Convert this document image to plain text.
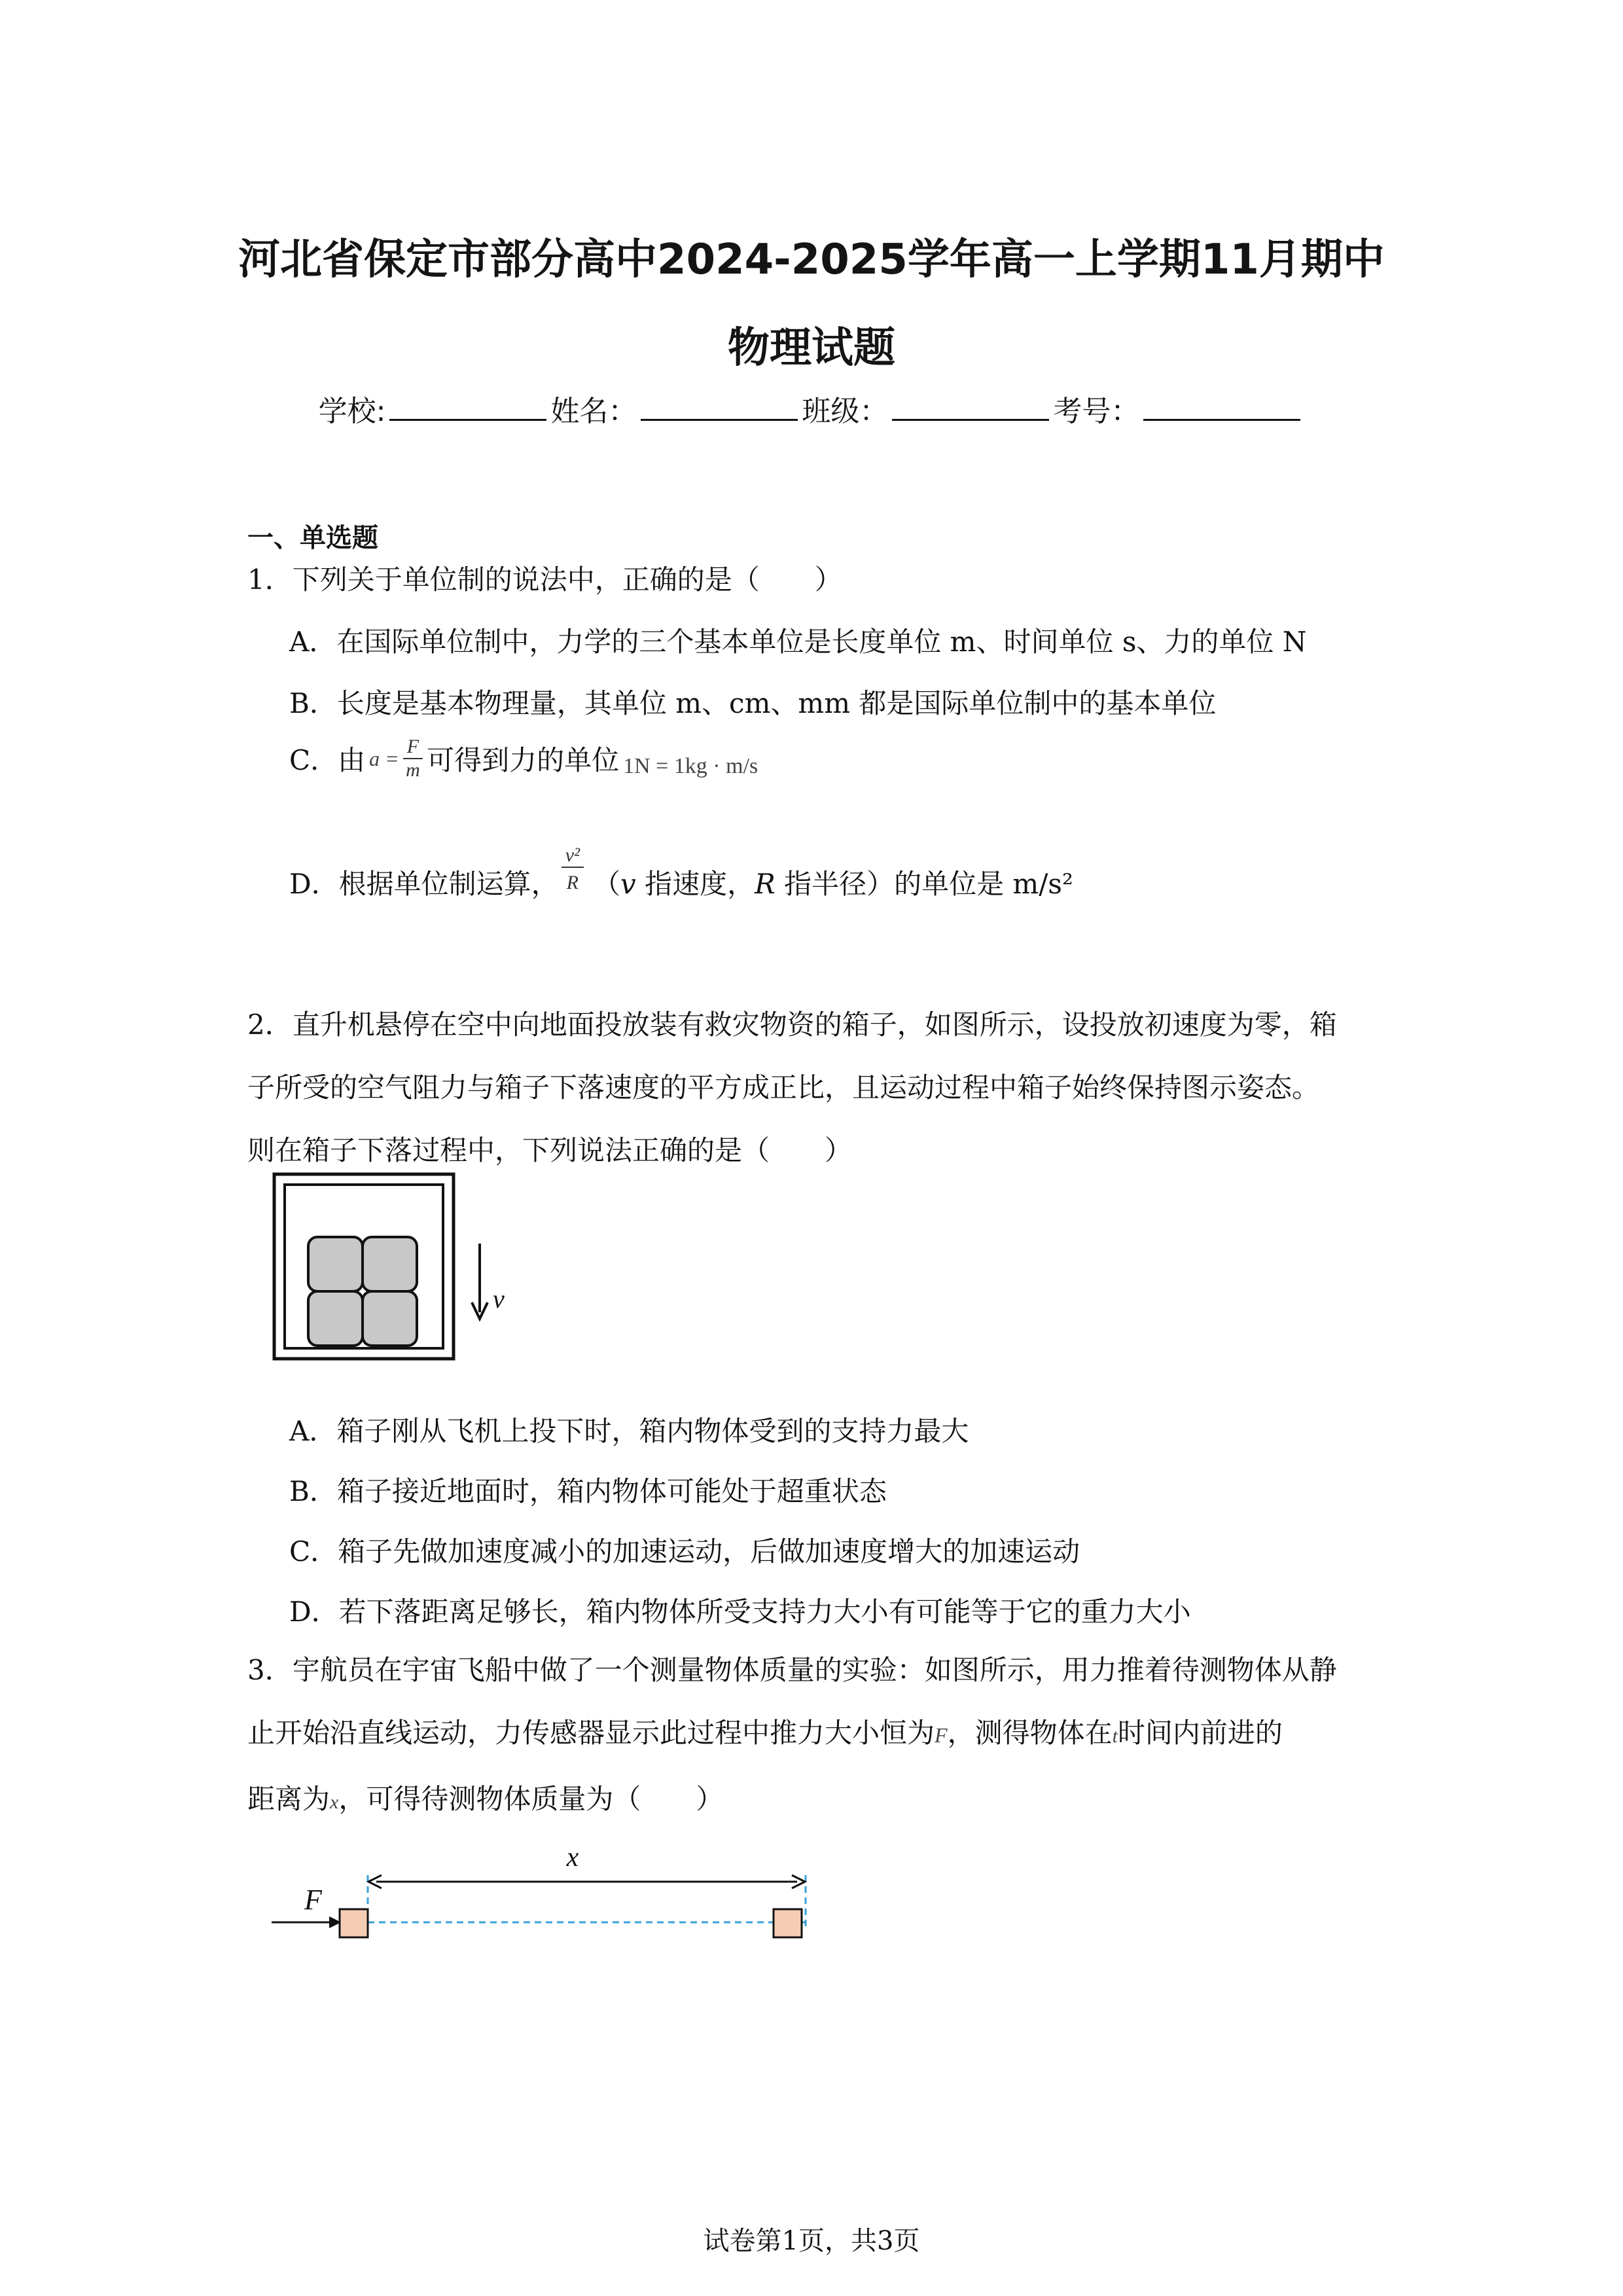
河北省保定市部分高中2024-2025学年高一上学期11月期中
物理试题
学校:	姓名：	班级：	考号：
一、单选题
1．下列关于单位制的说法中，正确的是（　　）
A．在国际单位制中，力学的三个基本单位是长度单位 m、时间单位 s、力的单位 N
B．长度是基本物理量，其单位 m、cm、mm 都是国际单位制中的基本单位
C．由 $a = \frac{F}{m}$ 可得到力的单位 1N = 1kg · m/s
D．根据单位制运算， $\frac{\text{v²}}{R} (v$ 指速度，R 指半径）的单位是 m/s²
2．直升机悬停在空中向地面投放装有救灾物资的箱子，如图所示，设投放初速度为零，箱
子所受的空气阻力与箱子下落速度的平方成正比，且运动过程中箱子始终保持图示姿态。
则在箱子下落过程中，下列说法正确的是（　　）
v
A．箱子刚从飞机上投下时，箱内物体受到的支持力最大
B．箱子接近地面时，箱内物体可能处于超重状态
C．箱子先做加速度减小的加速运动，后做加速度增大的加速运动
D．若下落距离足够长，箱内物体所受支持力大小有可能等于它的重力大小
3．宇航员在宇宙飞船中做了一个测量物体质量的实验：如图所示，用力推着待测物体从静
止开始沿直线运动，力传感器显示此过程中推力大小恒为F，测得物体在t时间内前进的
距离为x，可得待测物体质量为（　　）
x
F
试卷第1页，共3页
